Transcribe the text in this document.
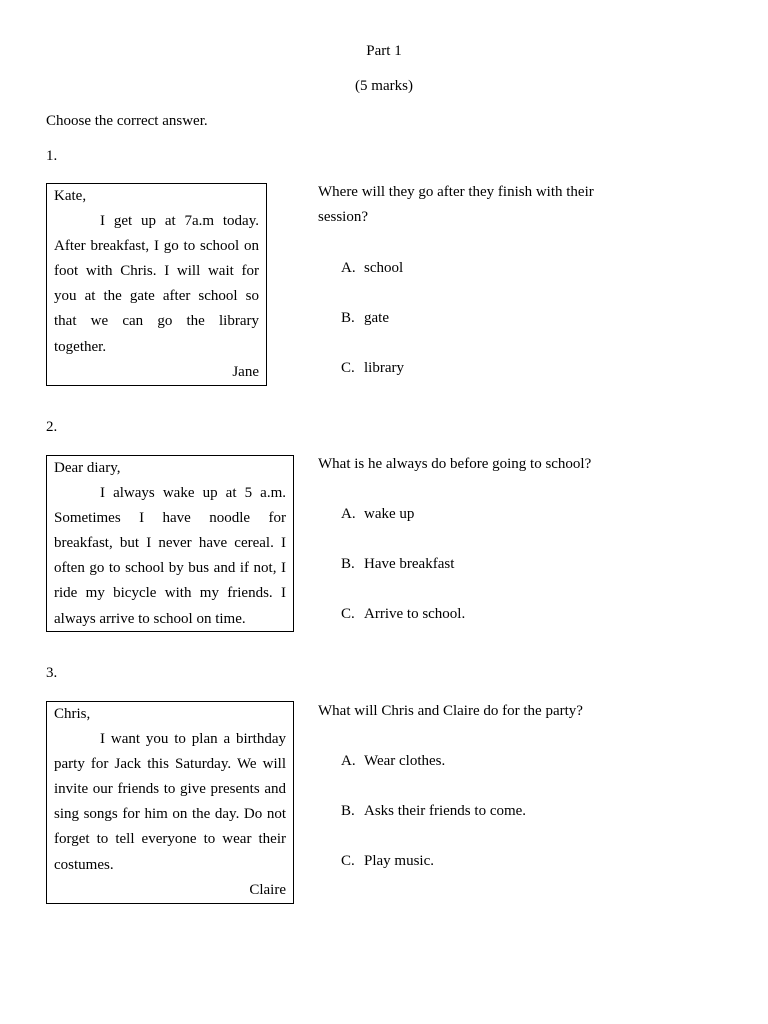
Part 1
(5 marks)
Choose the correct answer.
1.
Kate,
I get up at 7a.m today. After breakfast, I go to school on foot with Chris. I will wait for you at the gate after school so that we can go the library together.
Jane
Where will they go after they finish with their session?
A. school
B. gate
C. library
2.
Dear diary,
I always wake up at 5 a.m. Sometimes I have noodle for breakfast, but I never have cereal. I often go to school by bus and if not, I ride my bicycle with my friends. I always arrive to school on time.
What is he always do before going to school?
A. wake up
B. Have breakfast
C. Arrive to school.
3.
Chris,
I want you to plan a birthday party for Jack this Saturday. We will invite our friends to give presents and sing songs for him on the day. Do not forget to tell everyone to wear their costumes.
Claire
What will Chris and Claire do for the party?
A. Wear clothes.
B. Asks their friends to come.
C. Play music.
